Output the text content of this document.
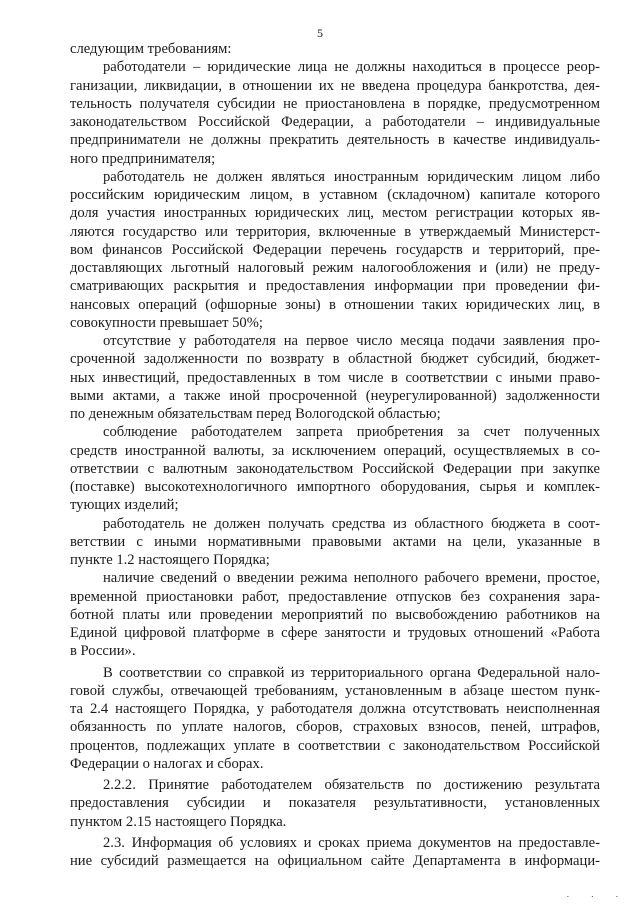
5
следующим требованиям:
работодатели – юридические лица не должны находиться в процессе реор-
ганизации, ликвидации, в отношении их не введена процедура банкротства, дея-
тельность получателя субсидии не приостановлена в порядке, предусмотренном
законодательством Российской Федерации, а работодатели – индивидуальные
предприниматели не должны прекратить деятельность в качестве индивидуаль-
ного предпринимателя;
работодатель не должен являться иностранным юридическим лицом либо
российским юридическим лицом, в уставном (складочном) капитале которого
доля участия иностранных юридических лиц, местом регистрации которых яв-
ляются государство или территория, включенные в утверждаемый Министерст-
вом финансов Российской Федерации перечень государств и территорий, пре-
доставляющих льготный налоговый режим налогообложения и (или) не преду-
сматривающих раскрытия и предоставления информации при проведении фи-
нансовых операций (офшорные зоны) в отношении таких юридических лиц, в
совокупности превышает 50%;
отсутствие у работодателя на первое число месяца подачи заявления про-
сроченной задолженности по возврату в областной бюджет субсидий, бюджет-
ных инвестиций, предоставленных в том числе в соответствии с иными право-
выми актами, а также иной просроченной (неурегулированной) задолженности
по денежным обязательствам перед Вологодской областью;
соблюдение работодателем запрета приобретения за счет полученных
средств иностранной валюты, за исключением операций, осуществляемых в со-
ответствии с валютным законодательством Российской Федерации при закупке
(поставке) высокотехнологичного импортного оборудования, сырья и комплек-
тующих изделий;
работодатель не должен получать средства из областного бюджета в соот-
ветствии с иными нормативными правовыми актами на цели, указанные в
пункте 1.2 настоящего Порядка;
наличие сведений о введении режима неполного рабочего времени, простое,
временной приостановки работ, предоставление отпусков без сохранения зара-
ботной платы или проведении мероприятий по высвобождению работников на
Единой цифровой платформе в сфере занятости и трудовых отношений «Работа
в России».
В соответствии со справкой из территориального органа Федеральной нало-
говой службы, отвечающей требованиям, установленным в абзаце шестом пунк-
та 2.4 настоящего Порядка, у работодателя должна отсутствовать неисполненная
обязанность по уплате налогов, сборов, страховых взносов, пеней, штрафов,
процентов, подлежащих уплате в соответствии с законодательством Российской
Федерации о налогах и сборах.
2.2.2. Принятие работодателем обязательств по достижению результата
предоставления субсидии и показателя результативности, установленных
пунктом 2.15 настоящего Порядка.
2.3. Информация об условиях и сроках приема документов на предоставле-
ние субсидий размещается на официальном сайте Департамента в информаци-
. . .
